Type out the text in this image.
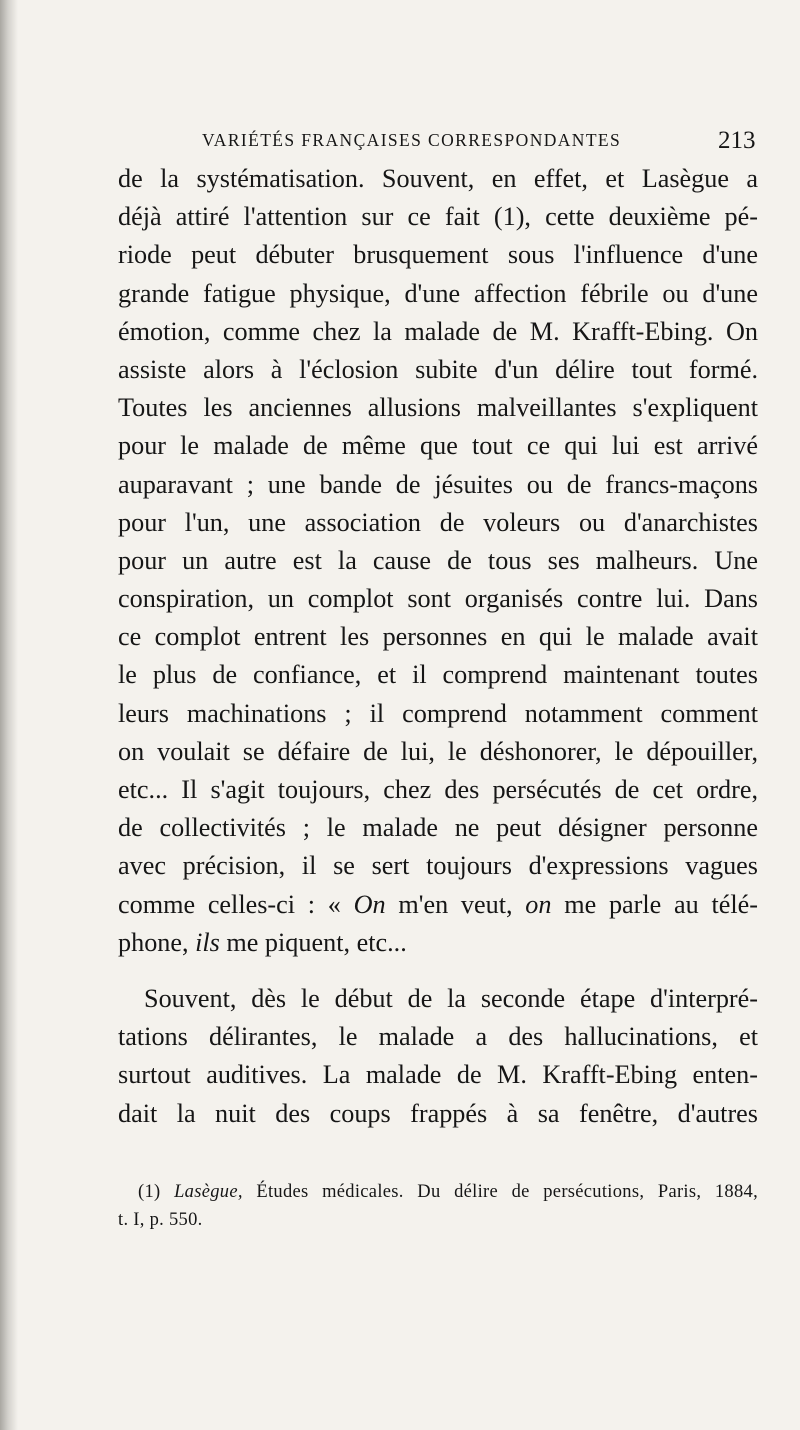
VARIÉTÉS FRANÇAISES CORRESPONDANTES	213
de la systématisation. Souvent, en effet, et Lasègue a
déjà attiré l'attention sur ce fait (1), cette deuxième pé-
riode peut débuter brusquement sous l'influence d'une
grande fatigue physique, d'une affection fébrile ou d'une
émotion, comme chez la malade de M. Krafft-Ebing. On
assiste alors à l'éclosion subite d'un délire tout formé.
Toutes les anciennes allusions malveillantes s'expliquent
pour le malade de même que tout ce qui lui est arrivé
auparavant ; une bande de jésuites ou de francs-maçons
pour l'un, une association de voleurs ou d'anarchistes
pour un autre est la cause de tous ses malheurs. Une
conspiration, un complot sont organisés contre lui. Dans
ce complot entrent les personnes en qui le malade avait
le plus de confiance, et il comprend maintenant toutes
leurs machinations ; il comprend notamment comment
on voulait se défaire de lui, le déshonorer, le dépouiller,
etc... Il s'agit toujours, chez des persécutés de cet ordre,
de collectivités ; le malade ne peut désigner personne
avec précision, il se sert toujours d'expressions vagues
comme celles-ci : « On m'en veut, on me parle au télé-
phone, ils me piquent, etc...
Souvent, dès le début de la seconde étape d'interpré-
tations délirantes, le malade a des hallucinations, et
surtout auditives. La malade de M. Krafft-Ebing enten-
dait la nuit des coups frappés à sa fenêtre, d'autres
(1) Lasègue, Études médicales. Du délire de persécutions, Paris, 1884,
t. I, p. 550.
